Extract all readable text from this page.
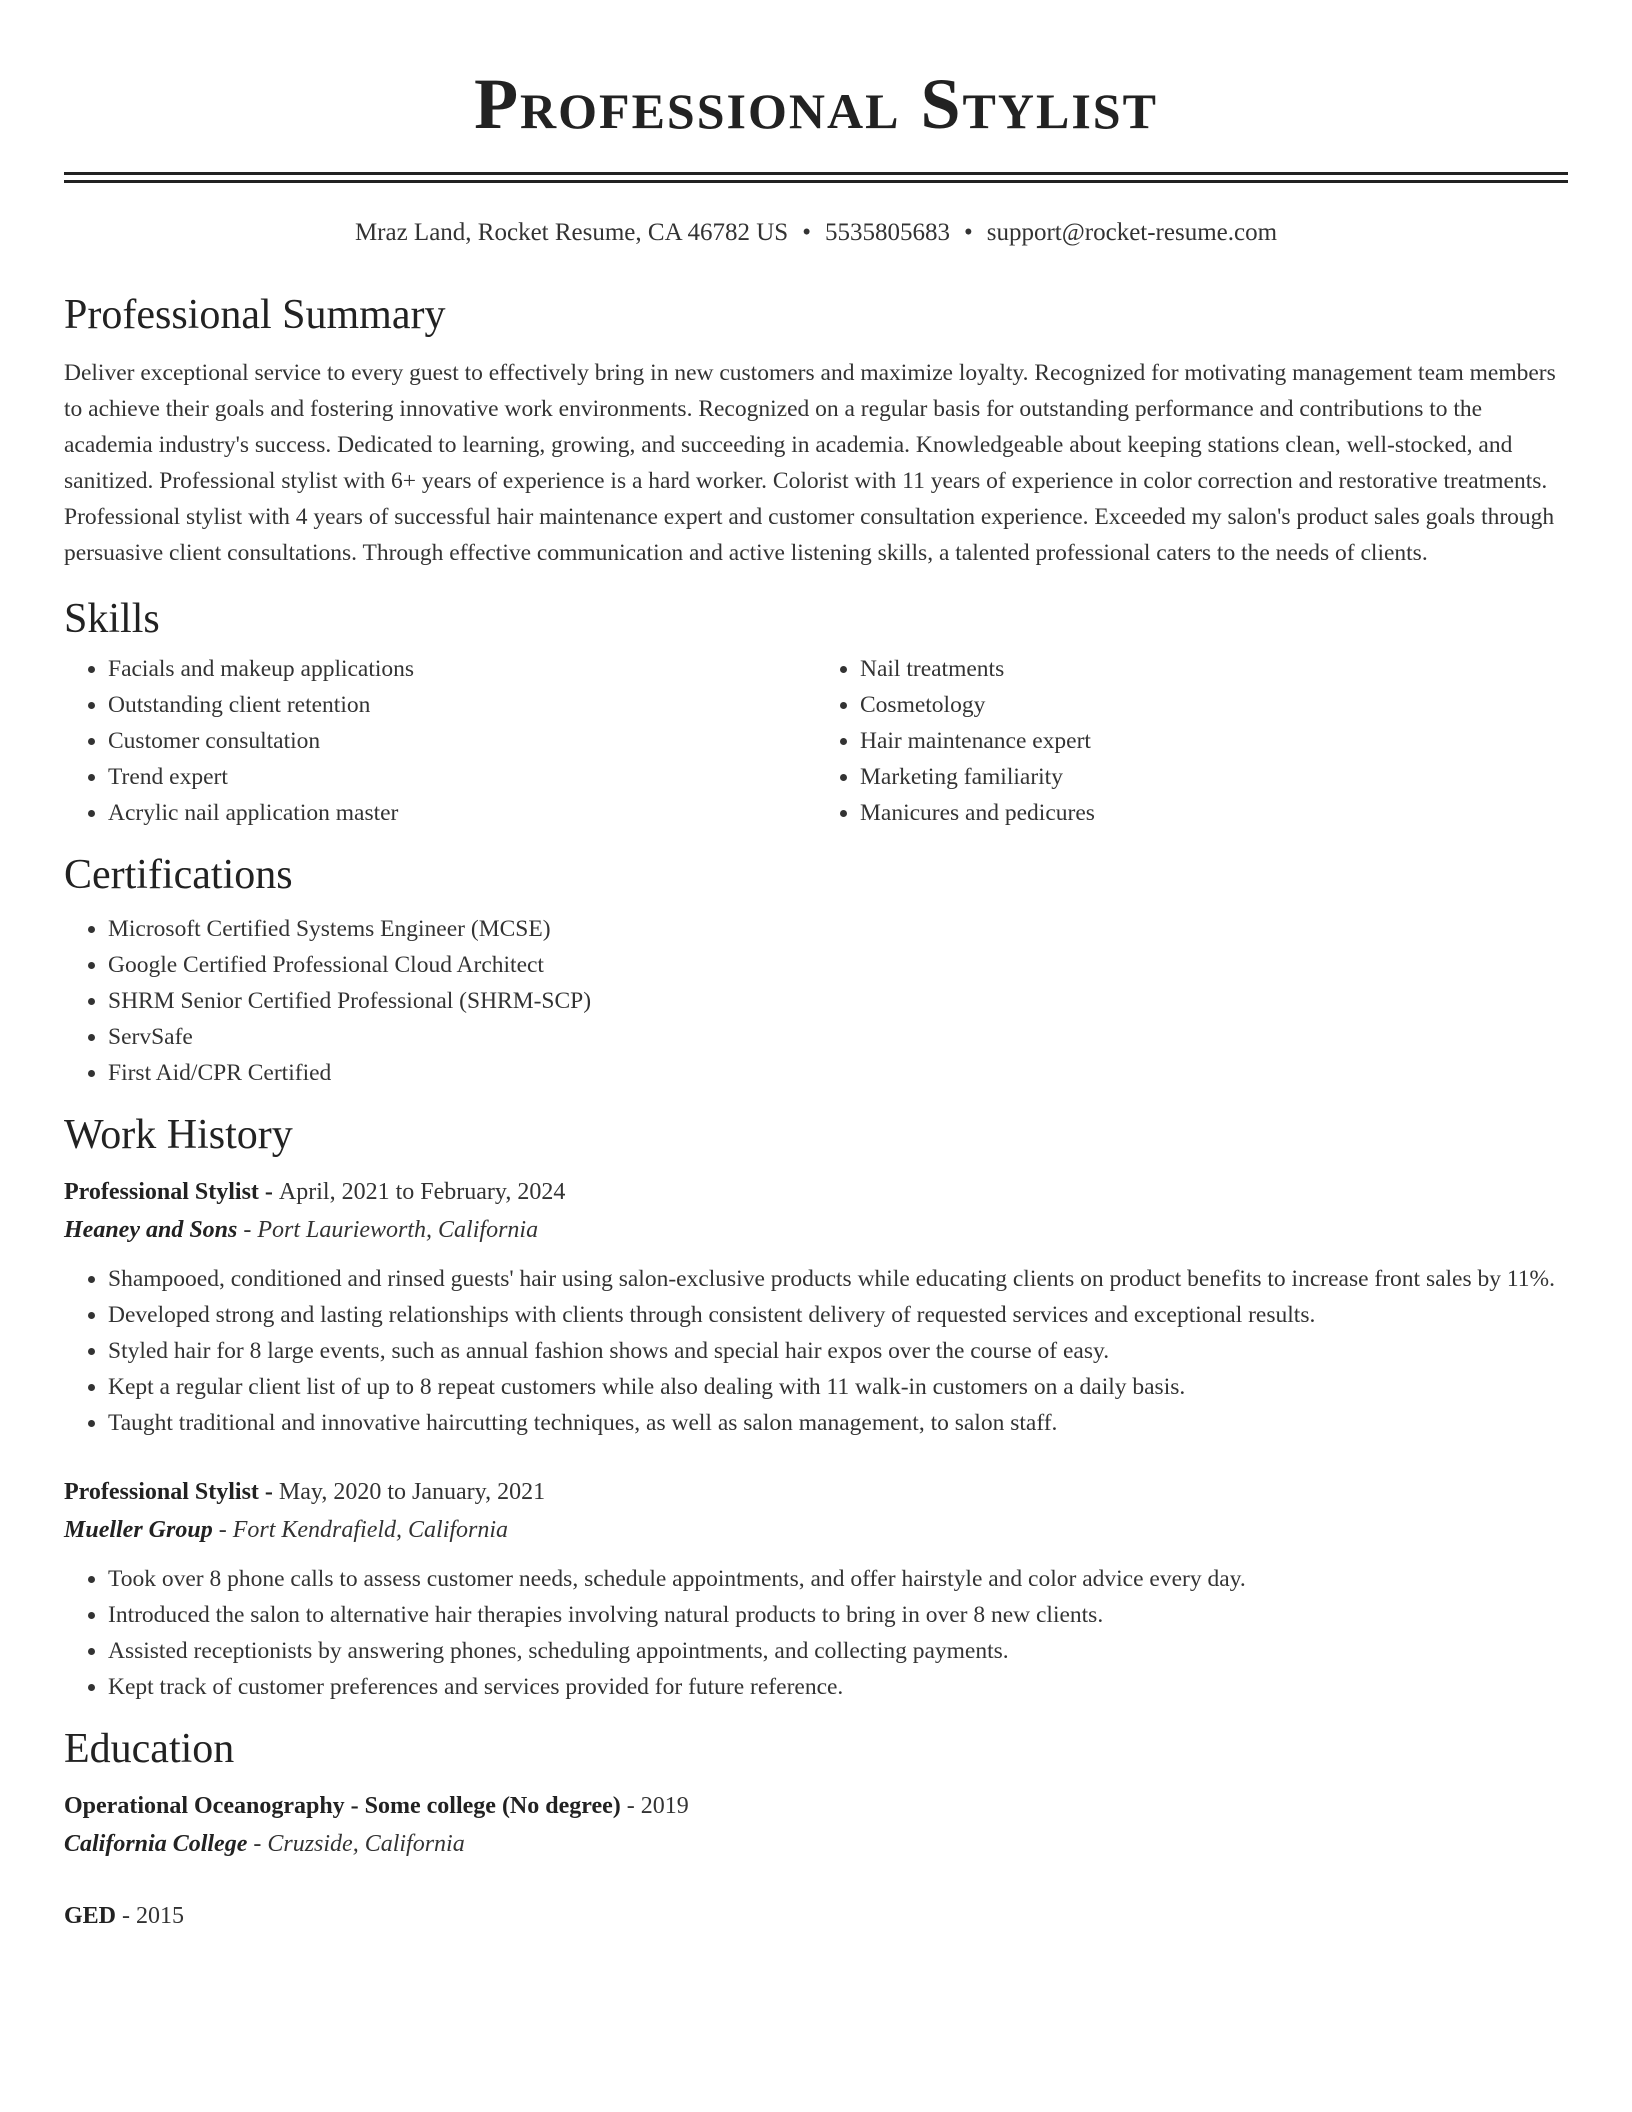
Professional Stylist
Mraz Land, Rocket Resume, CA 46782 US • 5535805683 • support@rocket-resume.com
Professional Summary

Deliver exceptional service to every guest to effectively bring in new customers and maximize loyalty. Recognized for motivating management team members to achieve their goals and fostering innovative work environments. Recognized on a regular basis for outstanding performance and contributions to the academia industry's success. Dedicated to learning, growing, and succeeding in academia. Knowledgeable about keeping stations clean, well-stocked, and sanitized. Professional stylist with 6+ years of experience is a hard worker. Colorist with 11 years of experience in color correction and restorative treatments. Professional stylist with 4 years of successful hair maintenance expert and customer consultation experience. Exceeded my salon's product sales goals through persuasive client consultations. Through effective communication and active listening skills, a talented professional caters to the needs of clients.

Skills
• Facials and makeup applications
• Outstanding client retention
• Customer consultation
• Trend expert
• Acrylic nail application master
• Nail treatments
• Cosmetology
• Hair maintenance expert
• Marketing familiarity
• Manicures and pedicures
Certifications
• Microsoft Certified Systems Engineer (MCSE)
• Google Certified Professional Cloud Architect
• SHRM Senior Certified Professional (SHRM-SCP)
• ServSafe
• First Aid/CPR Certified
Work History
Professional Stylist - April, 2021 to February, 2024
Heaney and Sons - Port Laurieworth, California
• Shampooed, conditioned and rinsed guests' hair using salon-exclusive products while educating clients on product benefits to increase front sales by 11%.
• Developed strong and lasting relationships with clients through consistent delivery of requested services and exceptional results.
• Styled hair for 8 large events, such as annual fashion shows and special hair expos over the course of easy.
• Kept a regular client list of up to 8 repeat customers while also dealing with 11 walk-in customers on a daily basis.
• Taught traditional and innovative haircutting techniques, as well as salon management, to salon staff.
Professional Stylist - May, 2020 to January, 2021
Mueller Group - Fort Kendrafield, California
• Took over 8 phone calls to assess customer needs, schedule appointments, and offer hairstyle and color advice every day.
• Introduced the salon to alternative hair therapies involving natural products to bring in over 8 new clients.
• Assisted receptionists by answering phones, scheduling appointments, and collecting payments.
• Kept track of customer preferences and services provided for future reference.
Education
Operational Oceanography - Some college (No degree) - 2019
California College - Cruzside, California
GED - 2015
